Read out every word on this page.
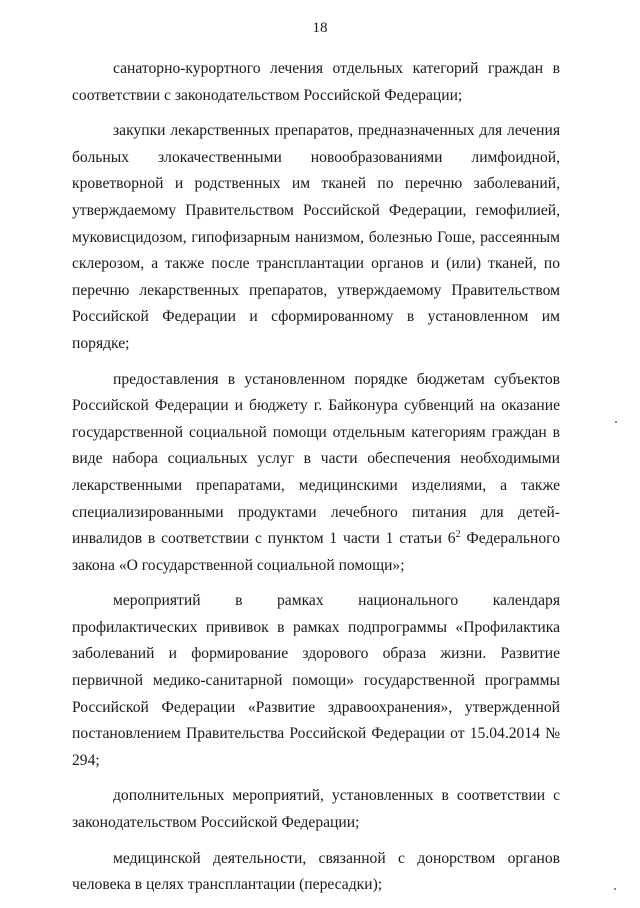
18

санаторно-курортного лечения отдельных категорий граждан в соответствии с законодательством Российской Федерации;

закупки лекарственных препаратов, предназначенных для лечения больных злокачественными новообразованиями лимфоидной, кроветворной и родственных им тканей по перечню заболеваний, утверждаемому Правительством Российской Федерации, гемофилией, муковисцидозом, гипофизарным нанизмом, болезнью Гоше, рассеянным склерозом, а также после трансплантации органов и (или) тканей, по перечню лекарственных препаратов, утверждаемому Правительством Российской Федерации и сформированному в установленном им порядке;

предоставления в установленном порядке бюджетам субъектов Российской Федерации и бюджету г. Байконура субвенций на оказание государственной социальной помощи отдельным категориям граждан в виде набора социальных услуг в части обеспечения необходимыми лекарственными препаратами, медицинскими изделиями, а также специализированными продуктами лечебного питания для детей-инвалидов в соответствии с пунктом 1 части 1 статьи $6^2$ Федерального закона «О государственной социальной помощи»;

мероприятий в рамках национального календаря профилактических прививок в рамках подпрограммы «Профилактика заболеваний и формирование здорового образа жизни. Развитие первичной медико-санитарной помощи» государственной программы Российской Федерации «Развитие здравоохранения», утвержденной постановлением Правительства Российской Федерации от 15.04.2014 № 294;

дополнительных мероприятий, установленных в соответствии с законодательством Российской Федерации;

медицинской деятельности, связанной с донорством органов человека в целях трансплантации (пересадки);
